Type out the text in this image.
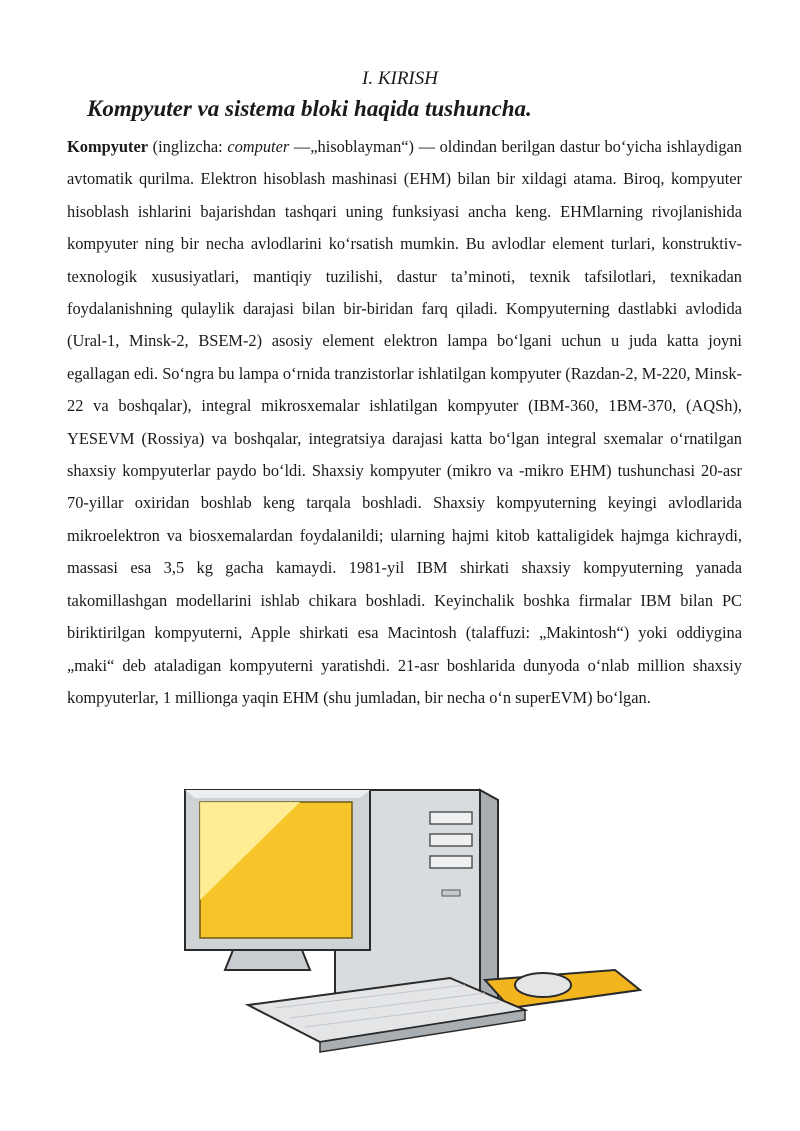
I. KIRISH
Kompyuter va sistema bloki haqida tushuncha.

Kompyuter (inglizcha: computer —„hisoblayman“) — oldindan berilgan dastur bo‘yicha ishlaydigan avtomatik qurilma. Elektron hisoblash mashinasi (EHM) bilan bir xildagi atama. Biroq, kompyuter hisoblash ishlarini bajarishdan tashqari uning funksiyasi ancha keng. EHMlarning rivojlanishida kompyuter ning bir necha avlodlarini ko‘rsatish mumkin. Bu avlodlar element turlari, konstruktiv-texnologik xususiyatlari, mantiqiy tuzilishi, dastur ta’minoti, texnik tafsilotlari, texnikadan foydalanishning qulaylik darajasi bilan bir-biridan farq qiladi. Kompyuterning dastlabki avlodida (Ural-1, Minsk-2, BSEM-2) asosiy element elektron lampa bo‘lgani uchun u juda katta joyni egallagan edi. So‘ngra bu lampa o‘rnida tranzistorlar ishlatilgan kompyuter (Razdan-2, M-220, Minsk-22 va boshqalar), integral mikrosxemalar ishlatilgan kompyuter (IBM-360, 1BM-370, (AQSh), YESEVM (Rossiya) va boshqalar, integratsiya darajasi katta bo‘lgan integral sxemalar o‘rnatilgan shaxsiy kompyuterlar paydo bo‘ldi. Shaxsiy kompyuter (mikro va -mikro EHM) tushunchasi 20-asr 70-yillar oxiridan boshlab keng tarqala boshladi. Shaxsiy kompyuterning keyingi avlodlarida mikroelektron va biosxemalardan foydalanildi; ularning hajmi kitob kattaligidek hajmga kichraydi, massasi esa 3,5 kg gacha kamaydi. 1981-yil IBM shirkati shaxsiy kompyuterning yanada takomillashgan modellarini ishlab chikara boshladi. Keyinchalik boshka firmalar IBM bilan PC biriktirilgan kompyuterni, Apple shirkati esa Macintosh (talaffuzi: „Makintosh“) yoki oddiygina „maki“ deb ataladigan kompyuterni yaratishdi. 21-asr boshlarida dunyoda o‘nlab million shaxsiy kompyuterlar, 1 millionga yaqin EHM (shu jumladan, bir necha o‘n superEVM) bo‘lgan.
